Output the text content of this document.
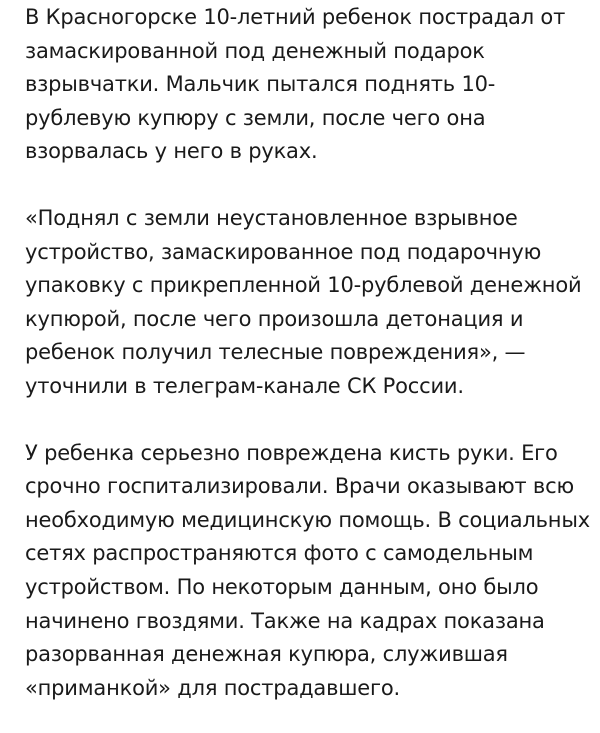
В Красногорске 10-летний ребенок пострадал от
замаскированной под денежный подарок
взрывчатки. Мальчик пытался поднять 10-
рублевую купюру с земли, после чего она
взорвалась у него в руках.

«Поднял с земли неустановленное взрывное
устройство, замаскированное под подарочную
упаковку с прикрепленной 10-рублевой денежной
купюрой, после чего произошла детонация и
ребенок получил телесные повреждения», —
уточнили в телеграм-канале СК России.

У ребенка серьезно повреждена кисть руки. Его
срочно госпитализировали. Врачи оказывают всю
необходимую медицинскую помощь. В социальных
сетях распространяются фото с самодельным
устройством. По некоторым данным, оно было
начинено гвоздями. Также на кадрах показана
разорванная денежная купюра, служившая
«приманкой» для пострадавшего.
